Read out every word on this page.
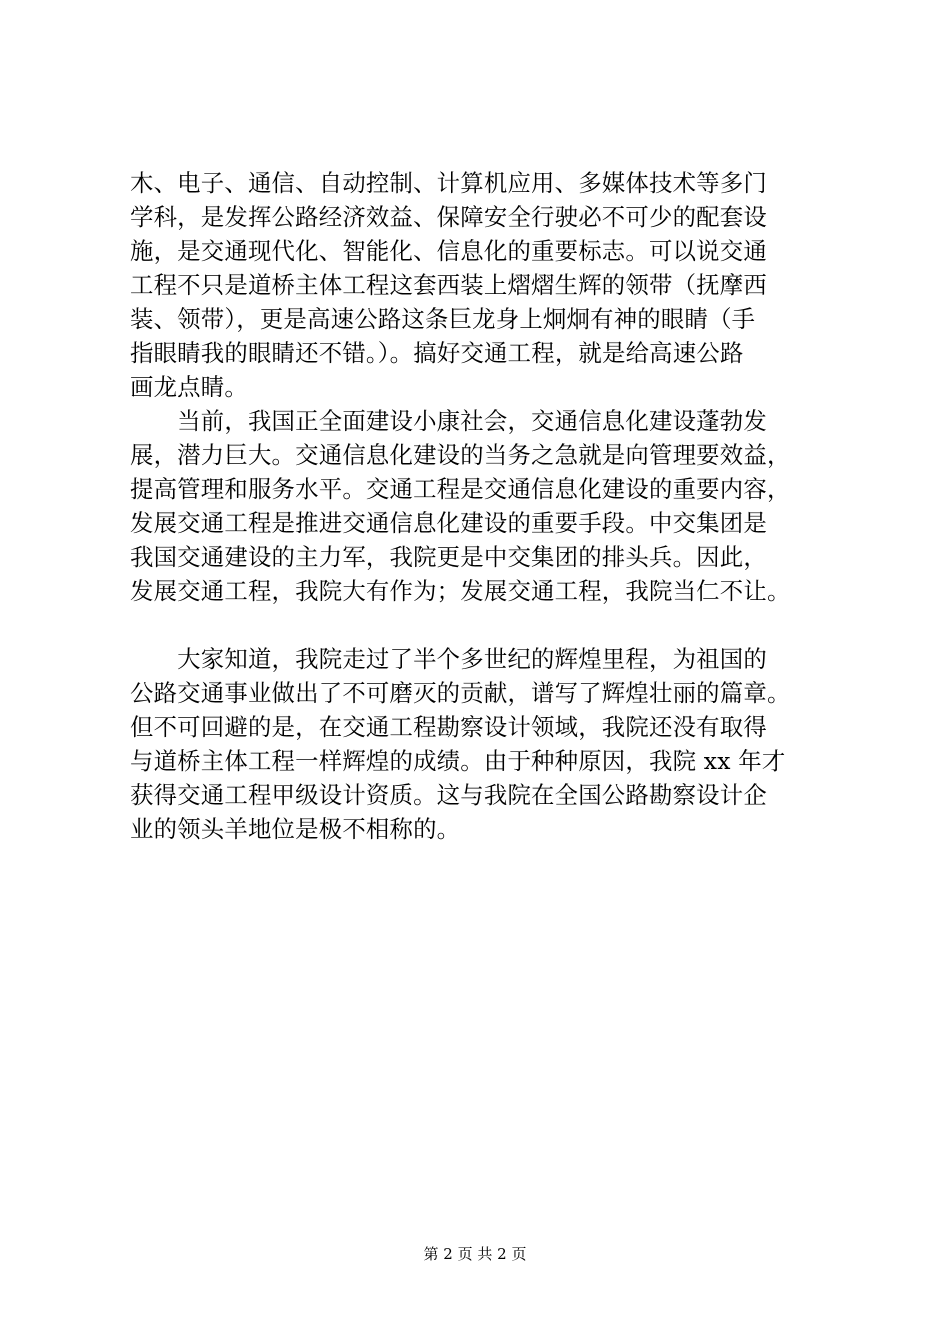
木、电子、通信、自动控制、计算机应用、多媒体技术等多门
学科，是发挥公路经济效益、保障安全行驶必不可少的配套设
施，是交通现代化、智能化、信息化的重要标志。可以说交通
工程不只是道桥主体工程这套西装上熠熠生辉的领带（抚摩西
装、领带），更是高速公路这条巨龙身上炯炯有神的眼睛（手
指眼睛我的眼睛还不错。）。搞好交通工程，就是给高速公路
画龙点睛。
　　当前，我国正全面建设小康社会，交通信息化建设蓬勃发
展，潜力巨大。交通信息化建设的当务之急就是向管理要效益，
提高管理和服务水平。交通工程是交通信息化建设的重要内容，
发展交通工程是推进交通信息化建设的重要手段。中交集团是
我国交通建设的主力军，我院更是中交集团的排头兵。因此，
发展交通工程，我院大有作为；发展交通工程，我院当仁不让。
　　大家知道，我院走过了半个多世纪的辉煌里程，为祖国的
公路交通事业做出了不可磨灭的贡献，谱写了辉煌壮丽的篇章。
但不可回避的是，在交通工程勘察设计领域，我院还没有取得
与道桥主体工程一样辉煌的成绩。由于种种原因，我院 xx 年才
获得交通工程甲级设计资质。这与我院在全国公路勘察设计企
业的领头羊地位是极不相称的。
第 2 页 共 2 页
